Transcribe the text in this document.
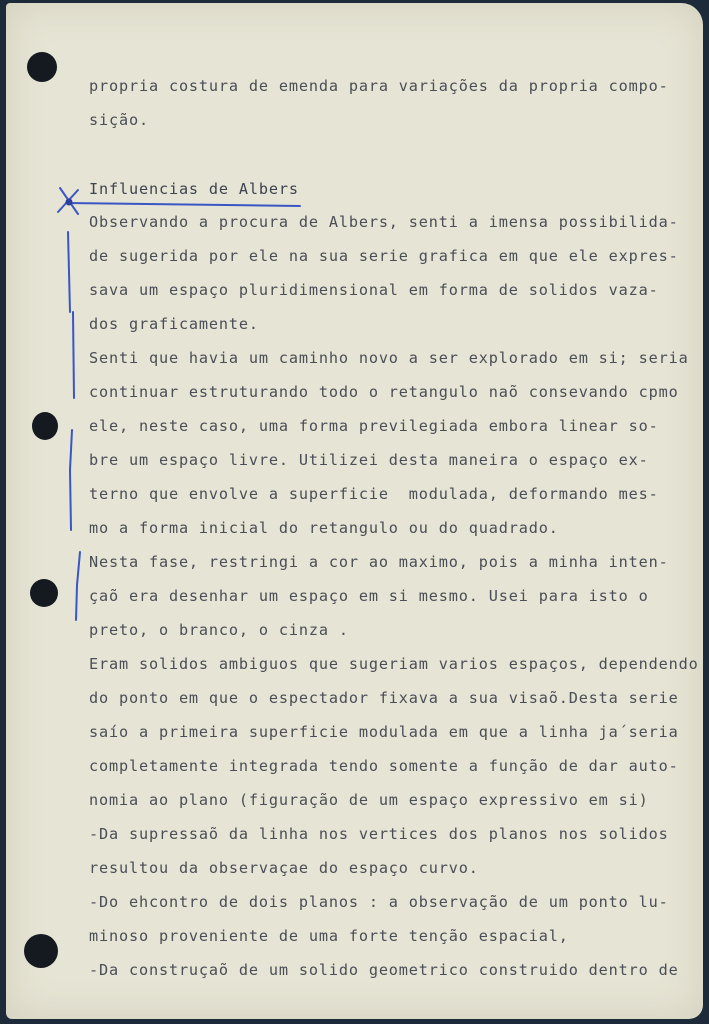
propria costura de emenda para variações da propria compo-
sição.
Influencias de Albers
Observando a procura de Albers, senti a imensa possibilida-
de sugerida por ele na sua serie grafica em que ele expres-
sava um espaço pluridimensional em forma de solidos vaza-
dos graficamente.
Senti que havia um caminho novo a ser explorado em si; seria
continuar estruturando todo o retangulo naõ consevando cpmo
ele, neste caso, uma forma previlegiada embora linear so-
bre um espaço livre. Utilizei desta maneira o espaço ex-
terno que envolve a superficie  modulada, deformando mes-
mo a forma inicial do retangulo ou do quadrado.
Nesta fase, restringi a cor ao maximo, pois a minha inten-
çaõ era desenhar um espaço em si mesmo. Usei para isto o
preto, o branco, o cinza .
Eram solidos ambiguos que sugeriam varios espaços, dependendo
do ponto em que o espectador fixava a sua visaõ.Desta serie
saío a primeira superficie modulada em que a linha ja´seria
completamente integrada tendo somente a função de dar auto-
nomia ao plano (figuração de um espaço expressivo em si)
-Da supressaõ da linha nos vertices dos planos nos solidos
resultou da observaçae do espaço curvo.
-Do ehcontro de dois planos : a observação de um ponto lu-
minoso proveniente de uma forte tenção espacial,
-Da construçaõ de um solido geometrico construido dentro de
